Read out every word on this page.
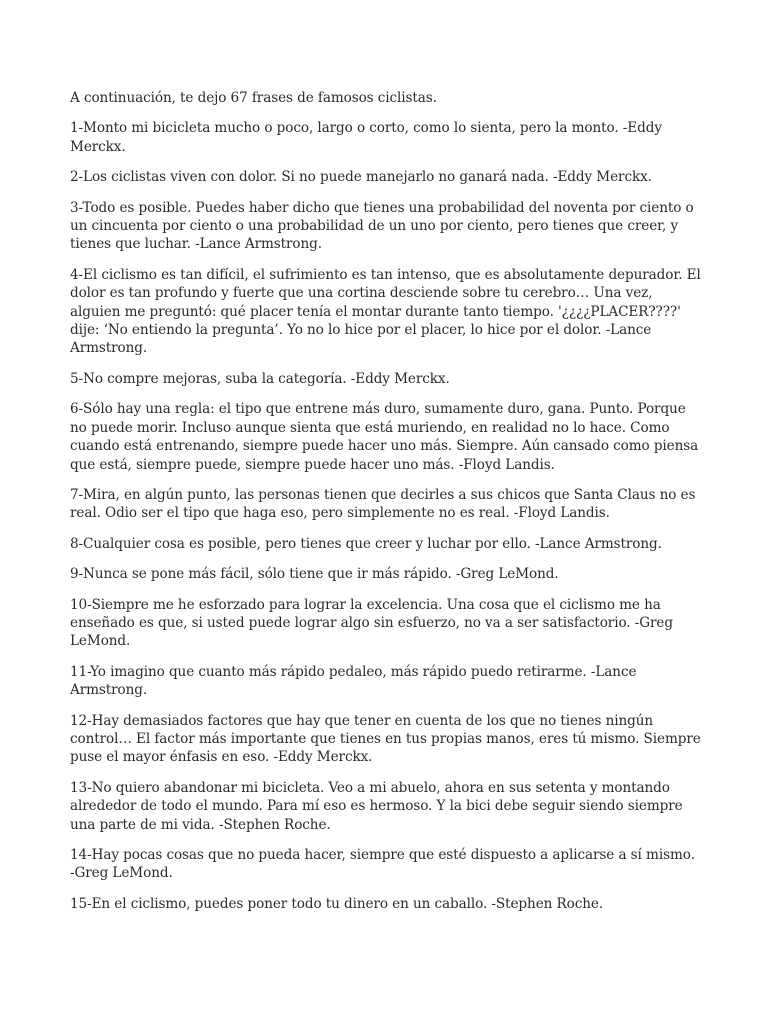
A continuación, te dejo 67 frases de famosos ciclistas.

1-Monto mi bicicleta mucho o poco, largo o corto, como lo sienta, pero la monto. -Eddy Merckx.

2-Los ciclistas viven con dolor. Si no puede manejarlo no ganará nada. -Eddy Merckx.

3-Todo es posible. Puedes haber dicho que tienes una probabilidad del noventa por ciento o un cincuenta por ciento o una probabilidad de un uno por ciento, pero tienes que creer, y tienes que luchar. -Lance Armstrong.

4-El ciclismo es tan difícil, el sufrimiento es tan intenso, que es absolutamente depurador. El dolor es tan profundo y fuerte que una cortina desciende sobre tu cerebro… Una vez, alguien me preguntó: qué placer tenía el montar durante tanto tiempo. '¿¿¿¿PLACER????' dije: ‘No entiendo la pregunta’. Yo no lo hice por el placer, lo hice por el dolor. -Lance Armstrong.

5-No compre mejoras, suba la categoría. -Eddy Merckx.

6-Sólo hay una regla: el tipo que entrene más duro, sumamente duro, gana. Punto. Porque no puede morir. Incluso aunque sienta que está muriendo, en realidad no lo hace. Como cuando está entrenando, siempre puede hacer uno más. Siempre. Aún cansado como piensa que está, siempre puede, siempre puede hacer uno más. -Floyd Landis.

7-Mira, en algún punto, las personas tienen que decirles a sus chicos que Santa Claus no es real. Odio ser el tipo que haga eso, pero simplemente no es real. -Floyd Landis.

8-Cualquier cosa es posible, pero tienes que creer y luchar por ello. -Lance Armstrong.

9-Nunca se pone más fácil, sólo tiene que ir más rápido. -Greg LeMond.

10-Siempre me he esforzado para lograr la excelencia. Una cosa que el ciclismo me ha enseñado es que, si usted puede lograr algo sin esfuerzo, no va a ser satisfactorio. -Greg LeMond.

11-Yo imagino que cuanto más rápido pedaleo, más rápido puedo retirarme. -Lance Armstrong.

12-Hay demasiados factores que hay que tener en cuenta de los que no tienes ningún control… El factor más importante que tienes en tus propias manos, eres tú mismo. Siempre puse el mayor énfasis en eso. -Eddy Merckx.

13-No quiero abandonar mi bicicleta. Veo a mi abuelo, ahora en sus setenta y montando alrededor de todo el mundo. Para mí eso es hermoso. Y la bici debe seguir siendo siempre una parte de mi vida. -Stephen Roche.

14-Hay pocas cosas que no pueda hacer, siempre que esté dispuesto a aplicarse a sí mismo. -Greg LeMond.

15-En el ciclismo, puedes poner todo tu dinero en un caballo. -Stephen Roche.
